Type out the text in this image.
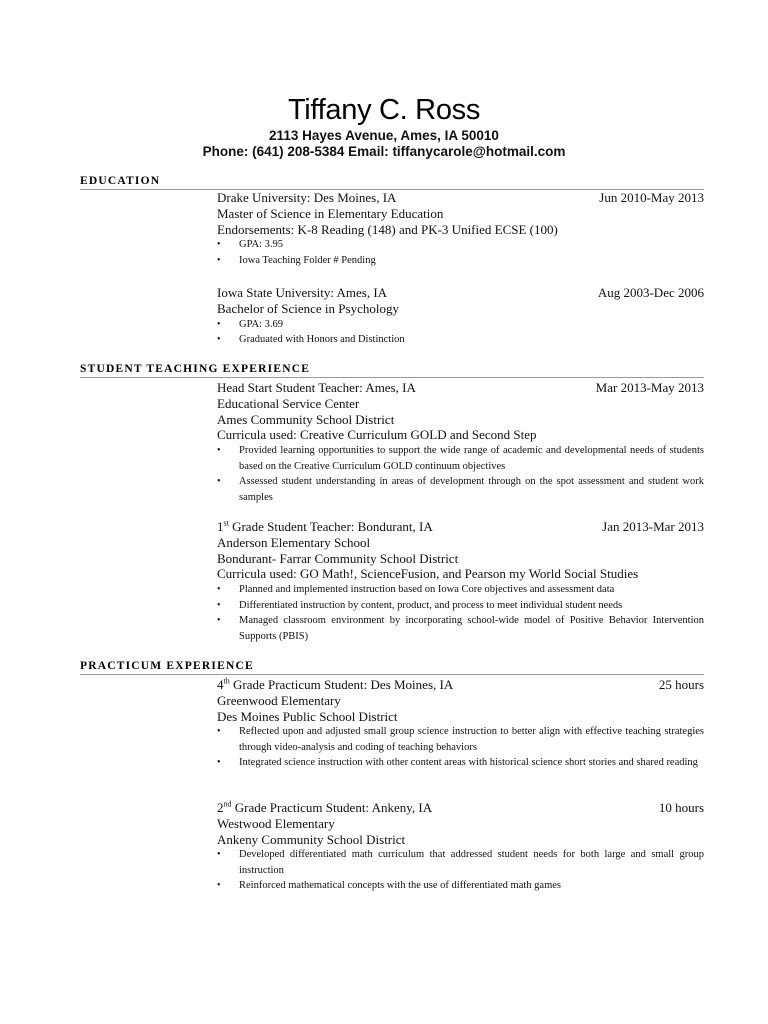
Tiffany C. Ross
2113 Hayes Avenue, Ames, IA 50010
Phone: (641) 208-5384 Email: tiffanycarole@hotmail.com
EDUCATION
Drake University: Des Moines, IA	Jun 2010-May 2013
Master of Science in Elementary Education
Endorsements: K-8 Reading (148) and PK-3 Unified ECSE (100)
• GPA: 3.95
• Iowa Teaching Folder # Pending
Iowa State University: Ames, IA	Aug 2003-Dec 2006
Bachelor of Science in Psychology
• GPA: 3.69
• Graduated with Honors and Distinction
STUDENT TEACHING EXPERIENCE
Head Start Student Teacher: Ames, IA	Mar 2013-May 2013
Educational Service Center
Ames Community School District
Curricula used: Creative Curriculum GOLD and Second Step
• Provided learning opportunities to support the wide range of academic and developmental needs of students based on the Creative Curriculum GOLD continuum objectives
• Assessed student understanding in areas of development through on the spot assessment and student work samples
1st Grade Student Teacher: Bondurant, IA	Jan 2013-Mar 2013
Anderson Elementary School
Bondurant- Farrar Community School District
Curricula used: GO Math!, ScienceFusion, and Pearson my World Social Studies
• Planned and implemented instruction based on Iowa Core objectives and assessment data
• Differentiated instruction by content, product, and process to meet individual student needs
• Managed classroom environment by incorporating school-wide model of Positive Behavior Intervention Supports (PBIS)
PRACTICUM EXPERIENCE
4th Grade Practicum Student: Des Moines, IA	25 hours
Greenwood Elementary
Des Moines Public School District
• Reflected upon and adjusted small group science instruction to better align with effective teaching strategies through video-analysis and coding of teaching behaviors
• Integrated science instruction with other content areas with historical science short stories and shared reading
2nd Grade Practicum Student: Ankeny, IA	10 hours
Westwood Elementary
Ankeny Community School District
• Developed differentiated math curriculum that addressed student needs for both large and small group instruction
• Reinforced mathematical concepts with the use of differentiated math games
